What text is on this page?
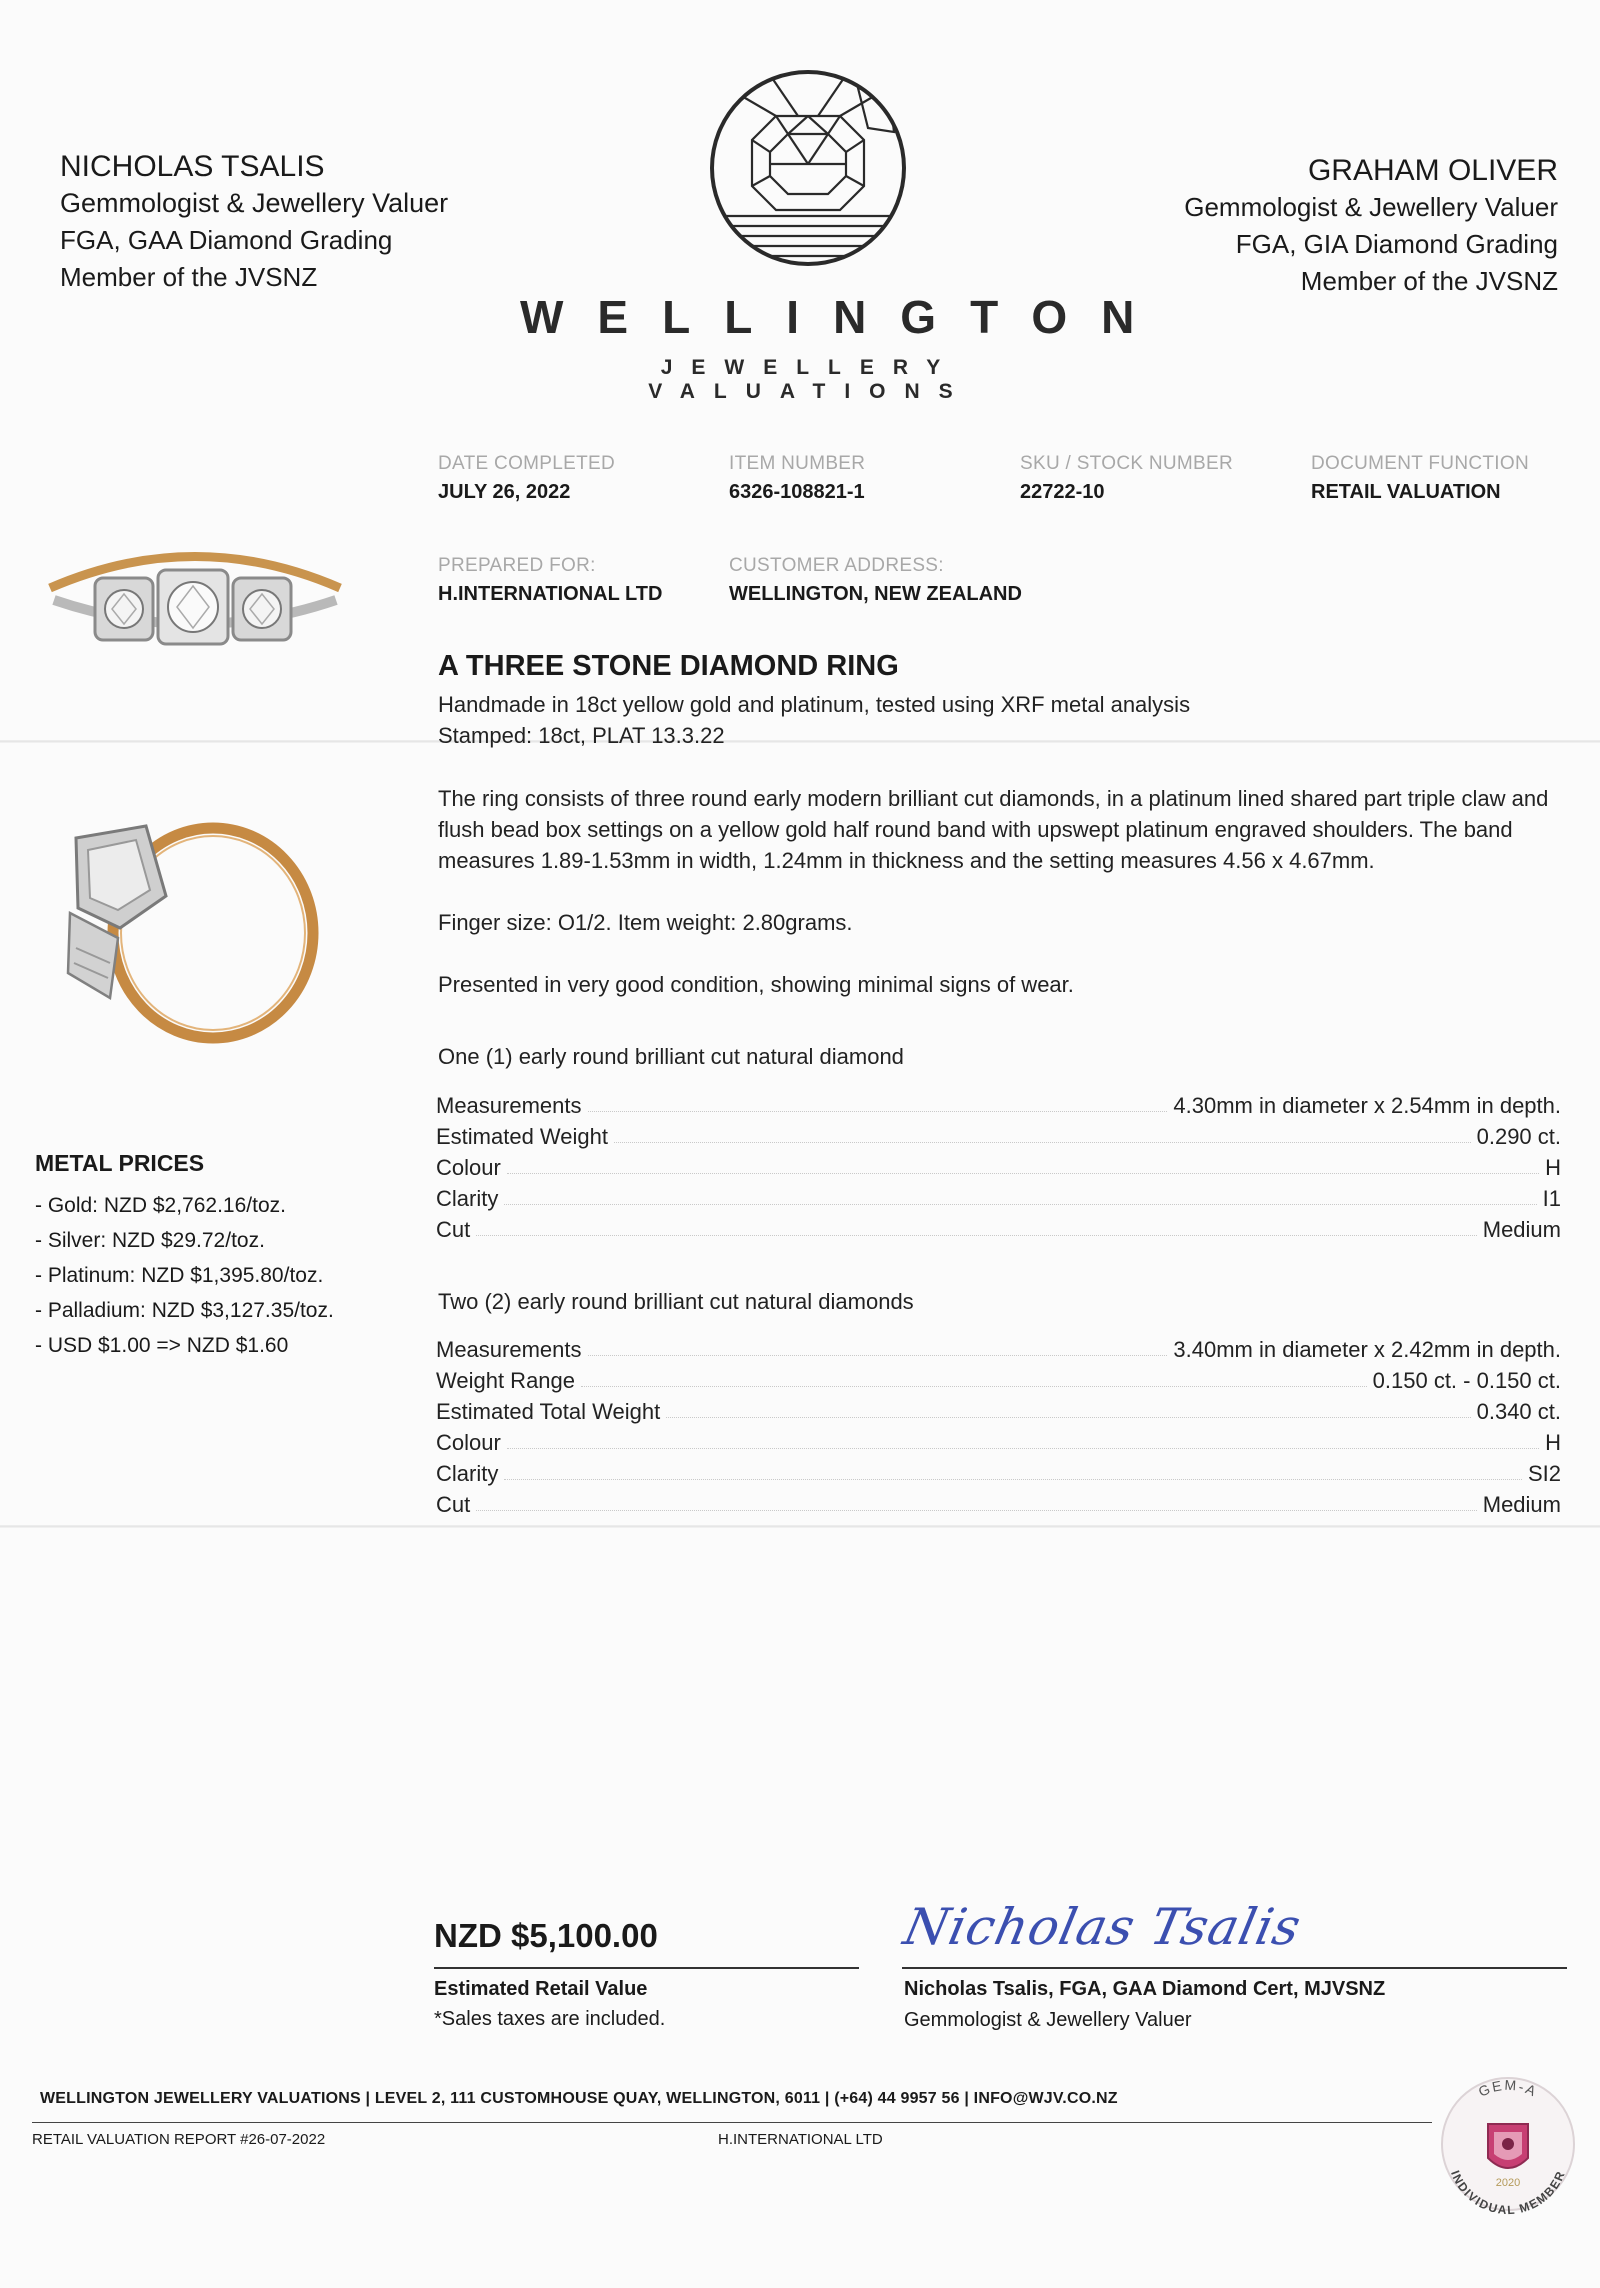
NICHOLAS TSALIS
Gemmologist & Jewellery Valuer
FGA, GAA Diamond Grading
Member of the JVSNZ
GRAHAM OLIVER
Gemmologist & Jewellery Valuer
FGA, GIA Diamond Grading
Member of the JVSNZ
WELLINGTON
JEWELLERY VALUATIONS
DATE COMPLETED
JULY 26, 2022
ITEM NUMBER
6326-108821-1
SKU / STOCK NUMBER
22722-10
DOCUMENT FUNCTION
RETAIL VALUATION
PREPARED FOR:
H.INTERNATIONAL LTD
CUSTOMER ADDRESS:
WELLINGTON, NEW ZEALAND
METAL PRICES
- Gold: NZD $2,762.16/toz.
- Silver: NZD $29.72/toz.
- Platinum: NZD $1,395.80/toz.
- Palladium: NZD $3,127.35/toz.
- USD $1.00 => NZD $1.60
A THREE STONE DIAMOND RING
Handmade in 18ct yellow gold and platinum, tested using XRF metal analysis
Stamped: 18ct, PLAT 13.3.22
The ring consists of three round early modern brilliant cut diamonds, in a platinum lined shared part triple claw and flush bead box settings on a yellow gold half round band with upswept platinum engraved shoulders. The band measures 1.89-1.53mm in width, 1.24mm in thickness and the setting measures 4.56 x 4.67mm.
Finger size: O1/2. Item weight: 2.80grams.
Presented in very good condition, showing minimal signs of wear.
One (1) early round brilliant cut natural diamond
Measurements	4.30mm in diameter x 2.54mm in depth.
Estimated Weight	0.290 ct.
Colour	H
Clarity	I1
Cut	Medium
Two (2) early round brilliant cut natural diamonds
Measurements	3.40mm in diameter x 2.42mm in depth.
Weight Range	0.150 ct. - 0.150 ct.
Estimated Total Weight	0.340 ct.
Colour	H
Clarity	SI2
Cut	Medium
NZD $5,100.00
Estimated Retail Value
*Sales taxes are included.
Nicholas Tsalis
Nicholas Tsalis, FGA, GAA Diamond Cert, MJVSNZ
Gemmologist & Jewellery Valuer
WELLINGTON JEWELLERY VALUATIONS | LEVEL 2, 111 CUSTOMHOUSE QUAY, WELLINGTON, 6011 | (+64) 44 9957 56 | INFO@WJV.CO.NZ
RETAIL VALUATION REPORT #26-07-2022	H.INTERNATIONAL LTD
GEM-A
2020
INDIVIDUAL MEMBER
